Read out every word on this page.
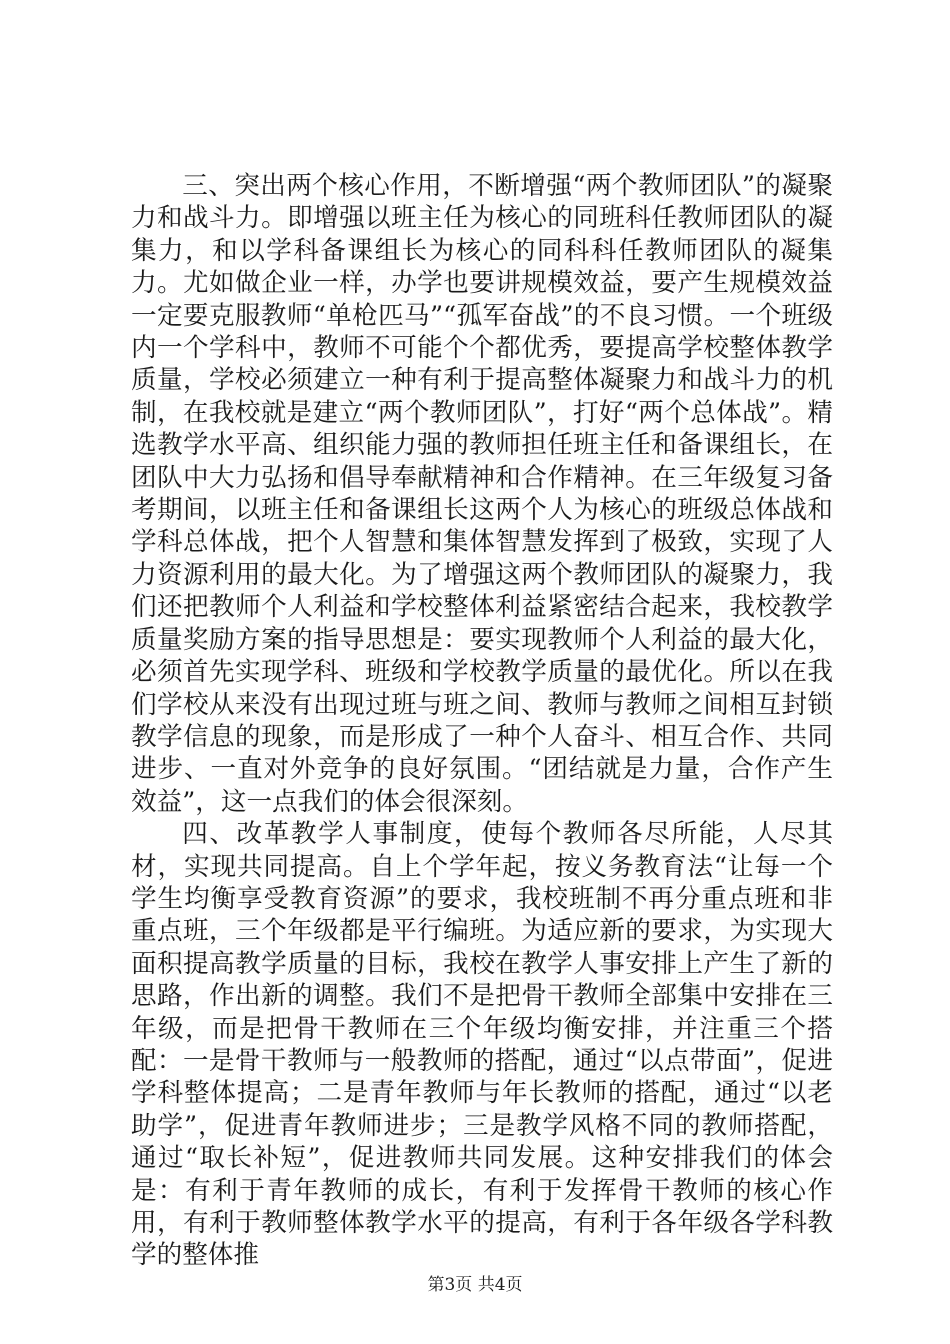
三、突出两个核心作用，不断增强“两个教师团队”的凝聚力和战斗力。即增强以班主任为核心的同班科任教师团队的凝集力，和以学科备课组长为核心的同科科任教师团队的凝集力。尤如做企业一样，办学也要讲规模效益，要产生规模效益一定要克服教师“单枪匹马”“孤军奋战”的不良习惯。一个班级内一个学科中，教师不可能个个都优秀，要提高学校整体教学质量，学校必须建立一种有利于提高整体凝聚力和战斗力的机制，在我校就是建立“两个教师团队”，打好“两个总体战”。精选教学水平高、组织能力强的教师担任班主任和备课组长，在团队中大力弘扬和倡导奉献精神和合作精神。在三年级复习备考期间，以班主任和备课组长这两个人为核心的班级总体战和学科总体战，把个人智慧和集体智慧发挥到了极致，实现了人力资源利用的最大化。为了增强这两个教师团队的凝聚力，我们还把教师个人利益和学校整体利益紧密结合起来，我校教学质量奖励方案的指导思想是：要实现教师个人利益的最大化，必须首先实现学科、班级和学校教学质量的最优化。所以在我们学校从来没有出现过班与班之间、教师与教师之间相互封锁教学信息的现象，而是形成了一种个人奋斗、相互合作、共同进步、一直对外竞争的良好氛围。“团结就是力量，合作产生效益”，这一点我们的体会很深刻。

四、改革教学人事制度，使每个教师各尽所能，人尽其材，实现共同提高。自上个学年起，按义务教育法“让每一个学生均衡享受教育资源”的要求，我校班制不再分重点班和非重点班，三个年级都是平行编班。为适应新的要求，为实现大面积提高教学质量的目标，我校在教学人事安排上产生了新的思路，作出新的调整。我们不是把骨干教师全部集中安排在三年级，而是把骨干教师在三个年级均衡安排，并注重三个搭配：一是骨干教师与一般教师的搭配，通过“以点带面”，促进学科整体提高；二是青年教师与年长教师的搭配，通过“以老助学”，促进青年教师进步；三是教学风格不同的教师搭配，通过“取长补短”，促进教师共同发展。这种安排我们的体会是：有利于青年教师的成长，有利于发挥骨干教师的核心作用，有利于教师整体教学水平的提高，有利于各年级各学科教学的整体推

第3页 共4页
